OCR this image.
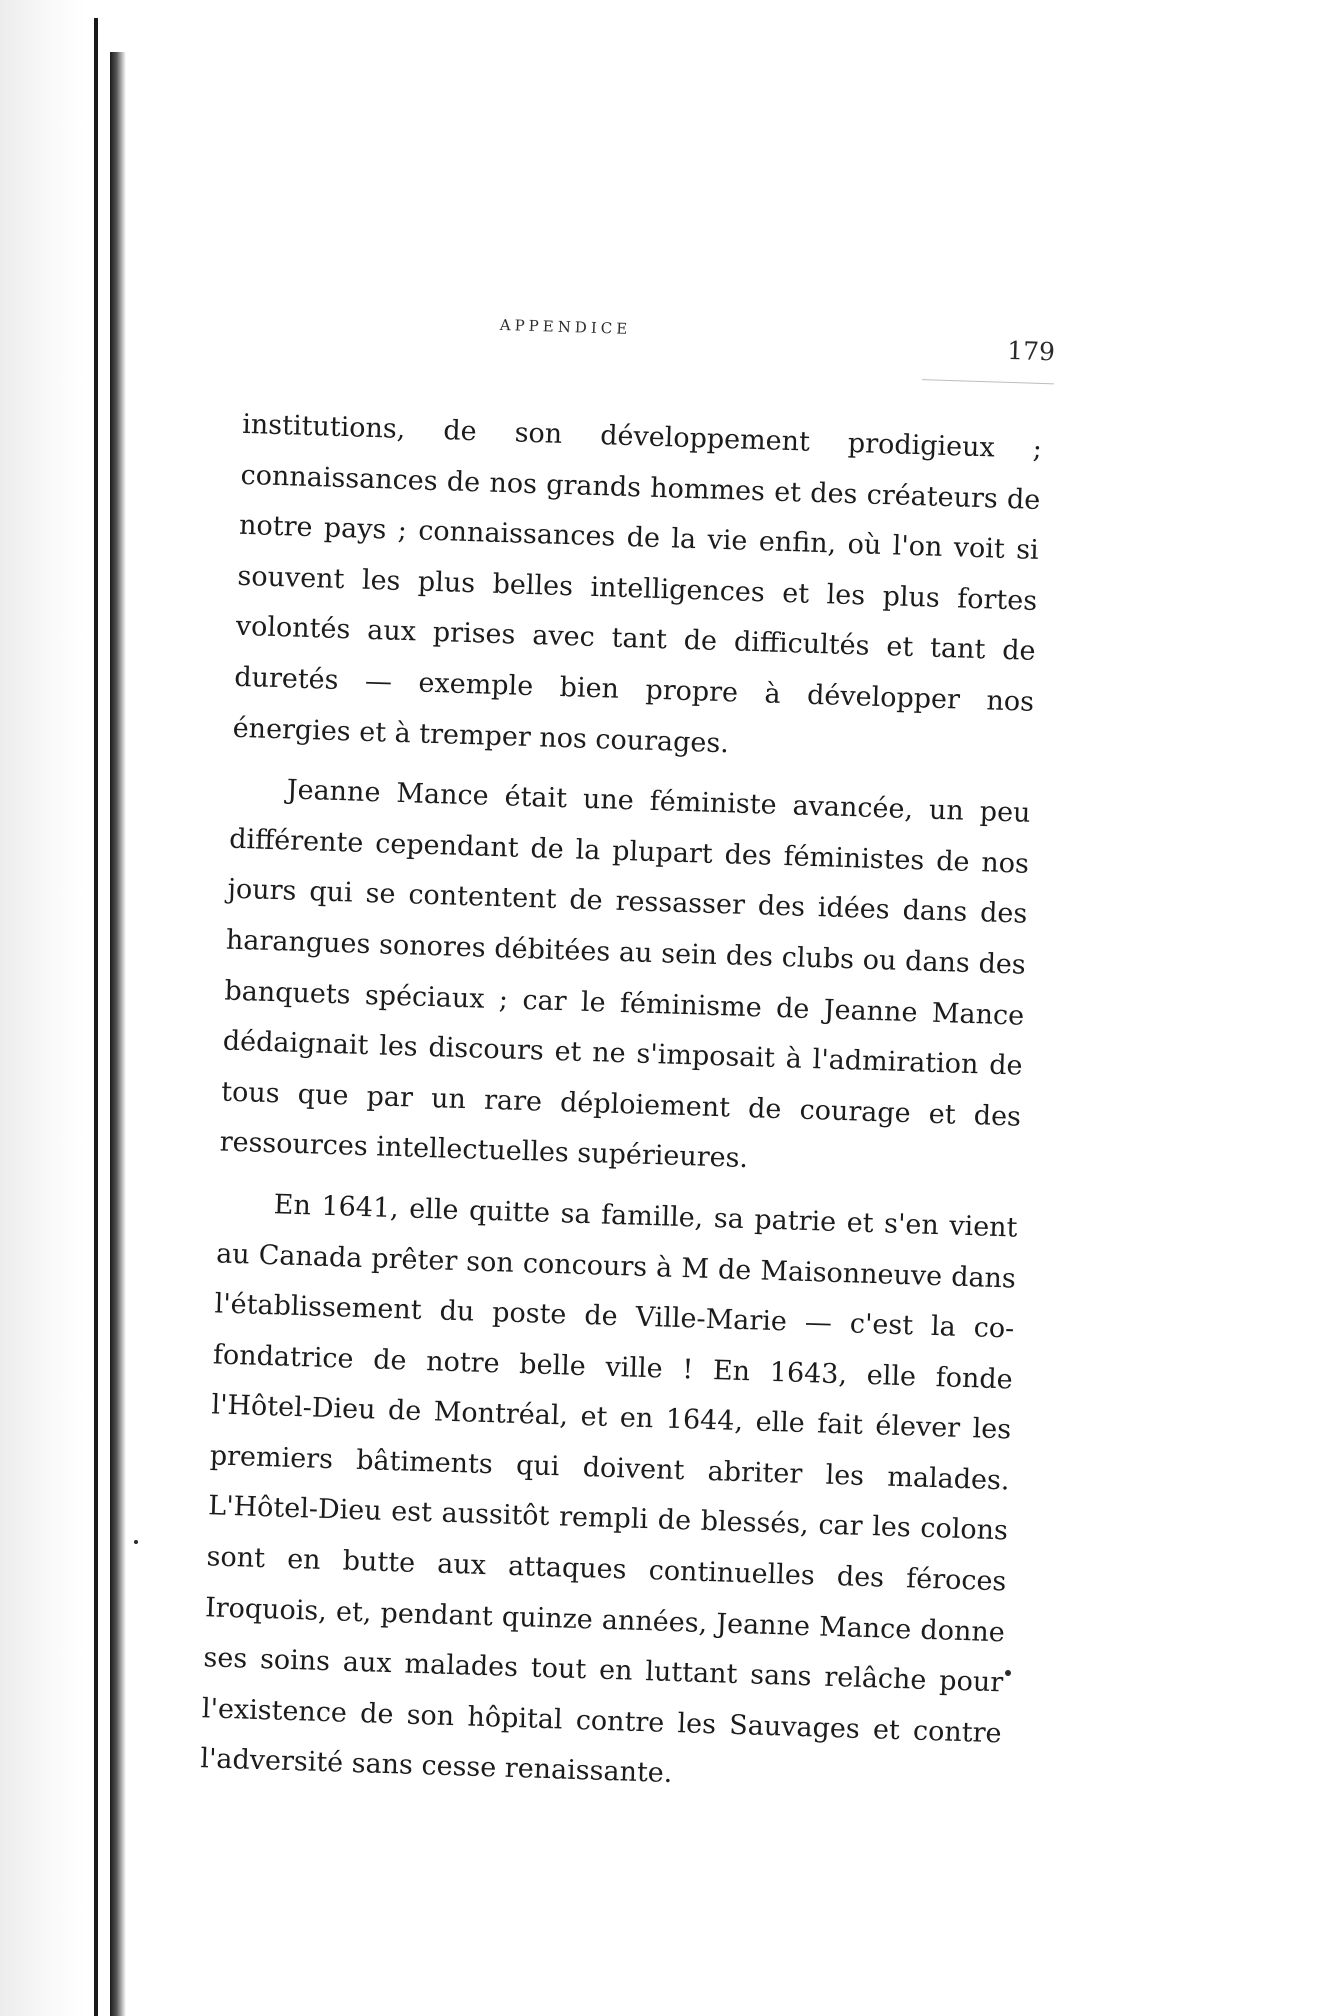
APPENDICE
179

institutions, de son développement prodigieux ; connaissances de nos grands hommes et des créateurs de notre pays ; connaissances de la vie enfin, où l'on voit si souvent les plus belles intelligences et les plus fortes volontés aux prises avec tant de difficultés et tant de duretés — exemple bien propre à développer nos énergies et à tremper nos courages.

Jeanne Mance était une féministe avancée, un peu différente cependant de la plupart des féministes de nos jours qui se contentent de ressasser des idées dans des harangues sonores débitées au sein des clubs ou dans des banquets spéciaux ; car le féminisme de Jeanne Mance dédaignait les discours et ne s'imposait à l'admiration de tous que par un rare déploiement de courage et des ressources intellectuelles supérieures.

En 1641, elle quitte sa famille, sa patrie et s'en vient au Canada prêter son concours à M de Maisonneuve dans l'établissement du poste de Ville-Marie — c'est la co-fondatrice de notre belle ville ! En 1643, elle fonde l'Hôtel-Dieu de Montréal, et en 1644, elle fait élever les premiers bâtiments qui doivent abriter les malades. L'Hôtel-Dieu est aussitôt rempli de blessés, car les colons sont en butte aux attaques continuelles des féroces Iroquois, et, pendant quinze années, Jeanne Mance donne ses soins aux malades tout en luttant sans relâche pour l'existence de son hôpital contre les Sauvages et contre l'adversité sans cesse renaissante.
